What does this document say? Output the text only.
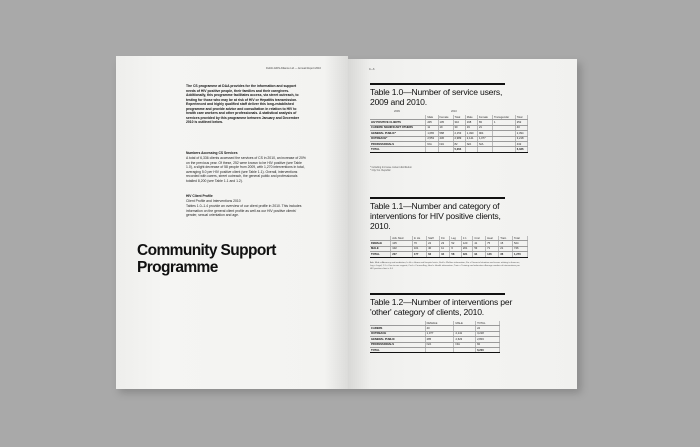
Dublin AIDS Alliance Ltd — Annual Report 2010
The CS programme at DAA provides for the information and support needs of HIV positive people, their families and their caregivers. Additionally, this programme facilitates access, via street outreach, to testing for those who may be at risk of HIV or Hepatitis transmission. Experienced and highly qualified staff deliver this long-established programme and provide advice and consultation in relation to HIV to health care workers and other professionals. A statistical analysis of services provided by this programme between January and December 2010 is outlined below.
Numbers Accessing CS Services
A total of 6,336 clients accessed the services of CS in 2010, an increase of 20% on the previous year. Of these, 252 were known to be HIV positive (see Table 1.0), a slight decrease of 58 people from 2009, with 1,270 interventions in total, averaging 5.0 per HIV positive client (see Table 1.1). Overall, interventions recorded with carers, street outreach, the general public and professionals totalled 8,200 (see Table 1.1 and 1.2).
HIV Client Profile
Client Profile and Interventions 2010
Tables 1.0–1.4 provide an overview of our client profile in 2010. This includes information on the general client profile as well as our HIV positive clients' gender, sexual orientation and age.
Community Support
Programme
0—6
Table 1.0—Number of service users, 2009 and 2010.
2009	2010
	Male	Female	Total	Male	Female	Transgender	Total
HIV POSITIVE CLIENTS	205	105	310	168	83	1	252
CARERS/ SIGNIFICANT OTHERS	11	19	30	19	21		40
GENERAL PUBLIC*	1,665	588	2,153	1,490	904		2,394
OUTREACH*	2,553	436	2,989	2,141	1,077		3,218
PROFESSIONALS	N/A	N/A	82	N/A	N/A		432
TOTAL			5,264				6,336
* Including In-house content distribution
* City/ Co. Republic
Table 1.1—Number and category of interventions for HIV positive clients, 2010.
	Adv. Med	In Hs	Staff	Fin	Leg	1:1	Cnsl	Heal	Train	Total
FEMALE	105	76	22	23	52	120	41	75	15	524
MALE	102	101	40	11	6	201	53	71	21	746
TOTAL	207	177	62	34	58	321	94	146	36	1,270
Adv. Med = Advocacy and mediation; In Hs = Home and hospital visits; Staff = Welfare information; Fin = Financial situation and issues relating to finances; Leg = Legal; 1:1 = One-to-one support; Cnsl = Counselling; Heal = Health information; Train = Training and education. Average number of interventions per HIV positive client = 5.0
Table 1.2—Number of interventions per 'other' category of clients, 2010.
	FEMALE	MALE	TOTAL
CARERS	40		24
OUTREACH	1,077	2,141	3,218
GENERAL PUBLIC	285	2,623	2,803
PROFESSIONALS	N/A	N/A	84
TOTAL			6,200
